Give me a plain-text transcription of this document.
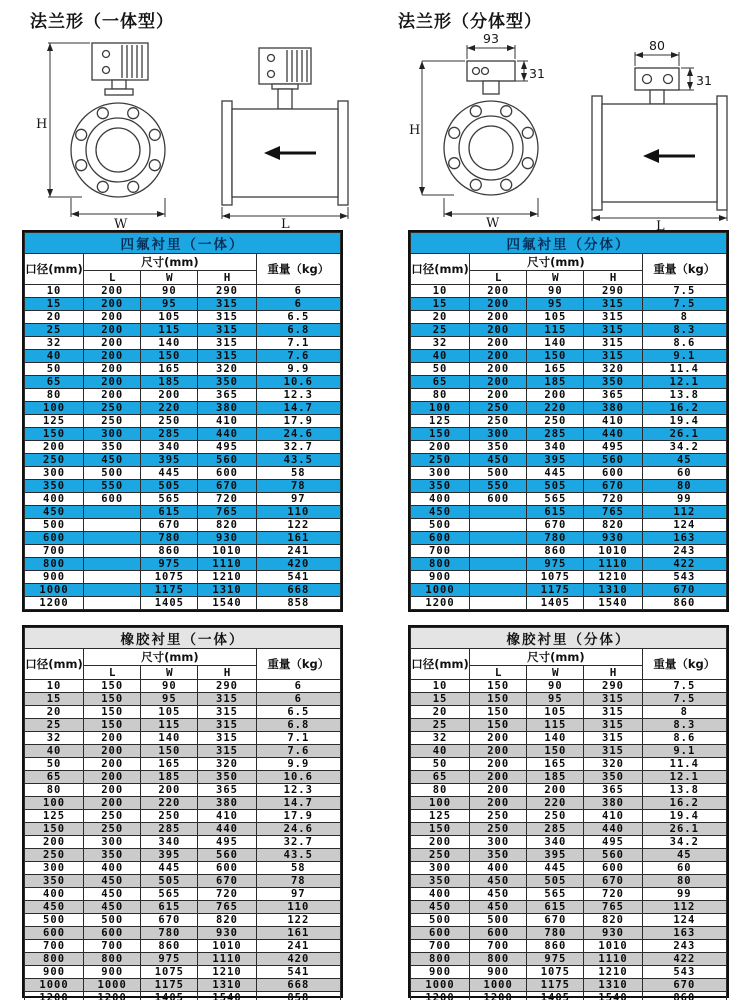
法兰形（一体型）	法兰形（分体型）
H
W	L
93
31
H
W
80
31
L
四氟衬里（一体）				
口径(mm)	尺寸(mm)			重量（kg）
	L	W	H	
10	200	90	290	6
15	200	95	315	6
20	200	105	315	6.5
25	200	115	315	6.8
32	200	140	315	7.1
40	200	150	315	7.6
50	200	165	320	9.9
65	200	185	350	10.6
80	200	200	365	12.3
100	250	220	380	14.7
125	250	250	410	17.9
150	300	285	440	24.6
200	350	340	495	32.7
250	450	395	560	43.5
300	500	445	600	58
350	550	505	670	78
400	600	565	720	97
450		615	765	110
500		670	820	122
600		780	930	161
700		860	1010	241
800		975	1110	420
900		1075	1210	541
1000		1175	1310	668
1200		1405	1540	858
四氟衬里（分体）				
口径(mm)	尺寸(mm)			重量（kg）
	L	W	H	
10	200	90	290	7.5
15	200	95	315	7.5
20	200	105	315	8
25	200	115	315	8.3
32	200	140	315	8.6
40	200	150	315	9.1
50	200	165	320	11.4
65	200	185	350	12.1
80	200	200	365	13.8
100	250	220	380	16.2
125	250	250	410	19.4
150	300	285	440	26.1
200	350	340	495	34.2
250	450	395	560	45
300	500	445	600	60
350	550	505	670	80
400	600	565	720	99
450		615	765	112
500		670	820	124
600		780	930	163
700		860	1010	243
800		975	1110	422
900		1075	1210	543
1000		1175	1310	670
1200		1405	1540	860
橡胶衬里（一体）				
口径(mm)	尺寸(mm)			重量（kg）
	L	W	H	
10	150	90	290	6
15	150	95	315	6
20	150	105	315	6.5
25	150	115	315	6.8
32	200	140	315	7.1
40	200	150	315	7.6
50	200	165	320	9.9
65	200	185	350	10.6
80	200	200	365	12.3
100	200	220	380	14.7
125	250	250	410	17.9
150	250	285	440	24.6
200	300	340	495	32.7
250	350	395	560	43.5
300	400	445	600	58
350	450	505	670	78
400	450	565	720	97
450	450	615	765	110
500	500	670	820	122
600	600	780	930	161
700	700	860	1010	241
800	800	975	1110	420
900	900	1075	1210	541
1000	1000	1175	1310	668
1200	1200	1405	1540	858
橡胶衬里（分体）				
口径(mm)	尺寸(mm)			重量（kg）
	L	W	H	
10	150	90	290	7.5
15	150	95	315	7.5
20	150	105	315	8
25	150	115	315	8.3
32	200	140	315	8.6
40	200	150	315	9.1
50	200	165	320	11.4
65	200	185	350	12.1
80	200	200	365	13.8
100	200	220	380	16.2
125	250	250	410	19.4
150	250	285	440	26.1
200	300	340	495	34.2
250	350	395	560	45
300	400	445	600	60
350	450	505	670	80
400	450	565	720	99
450	450	615	765	112
500	500	670	820	124
600	600	780	930	163
700	700	860	1010	243
800	800	975	1110	422
900	900	1075	1210	543
1000	1000	1175	1310	670
1200	1200	1405	1540	860
